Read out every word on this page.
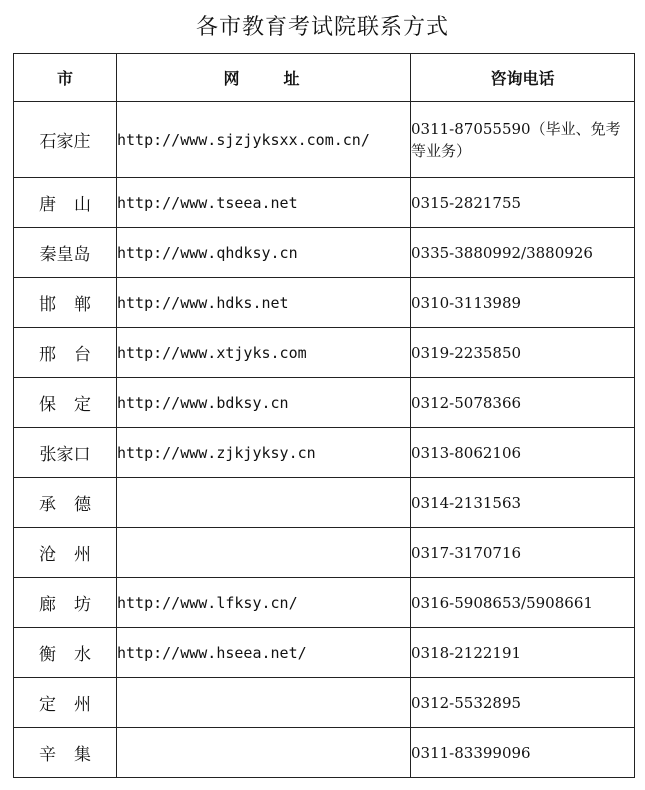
各市教育考试院联系方式
市	网　　址	咨询电话
石家庄	http://www.sjzjyksxx.com.cn/	0311-87055590（毕业、免考等业务）
唐山	http://www.tseea.net	0315-2821755
秦皇岛	http://www.qhdksy.cn	0335-3880992/3880926
邯郸	http://www.hdks.net	0310-3113989
邢台	http://www.xtjyks.com	0319-2235850
保定	http://www.bdksy.cn	0312-5078366
张家口	http://www.zjkjyksy.cn	0313-8062106
承德		0314-2131563
沧州		0317-3170716
廊坊	http://www.lfksy.cn/	0316-5908653/5908661
衡水	http://www.hseea.net/	0318-2122191
定州		0312-5532895
辛集		0311-83399096
